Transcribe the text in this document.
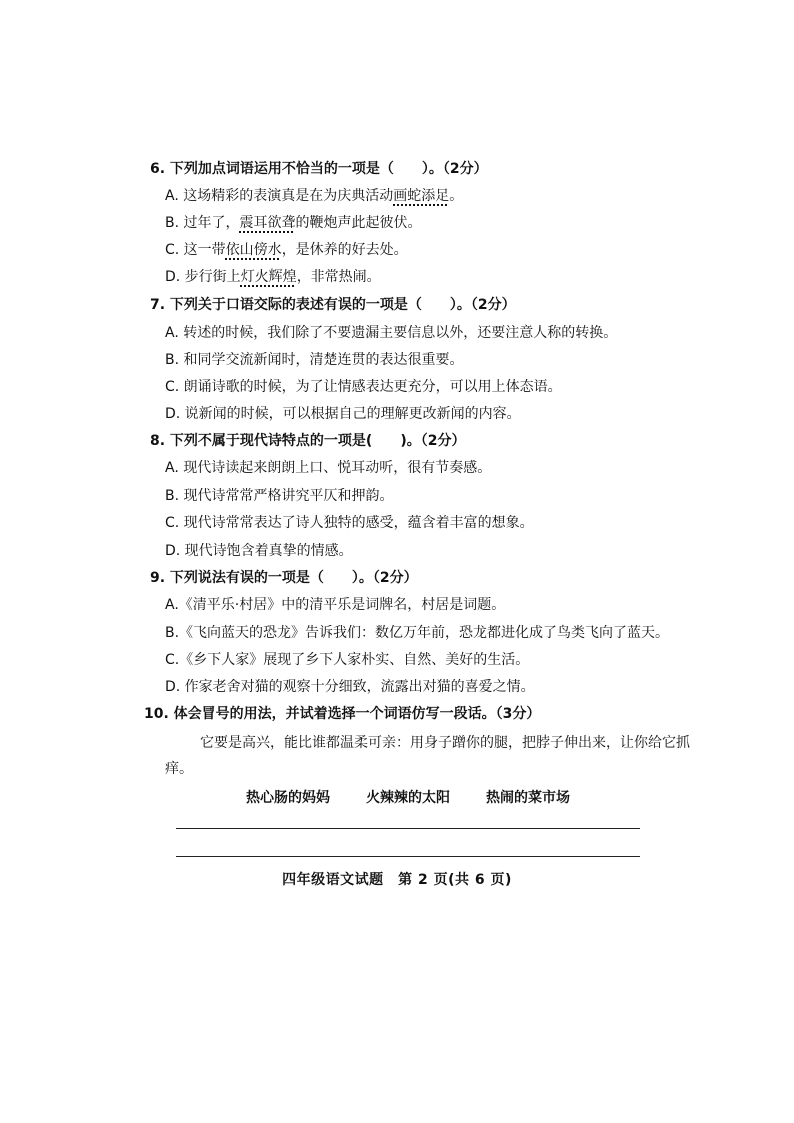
6. 下列加点词语运用不恰当的一项是（　　）。（2分）

A. 这场精彩的表演真是在为庆典活动画蛇添足。

B. 过年了，震耳欲聋的鞭炮声此起彼伏。

C. 这一带依山傍水，是休养的好去处。

D. 步行街上灯火辉煌，非常热闹。

7. 下列关于口语交际的表述有误的一项是（　　）。（2分）

A. 转述的时候，我们除了不要遗漏主要信息以外，还要注意人称的转换。

B. 和同学交流新闻时，清楚连贯的表达很重要。

C. 朗诵诗歌的时候，为了让情感表达更充分，可以用上体态语。

D. 说新闻的时候，可以根据自己的理解更改新闻的内容。

8. 下列不属于现代诗特点的一项是(　　)。（2分）

A. 现代诗读起来朗朗上口、悦耳动听，很有节奏感。

B. 现代诗常常严格讲究平仄和押韵。

C. 现代诗常常表达了诗人独特的感受，蕴含着丰富的想象。

D. 现代诗饱含着真挚的情感。

9. 下列说法有误的一项是（　　）。（2分）

A.《清平乐·村居》中的清平乐是词牌名，村居是词题。

B.《飞向蓝天的恐龙》告诉我们：数亿万年前，恐龙都进化成了鸟类飞向了蓝天。

C.《乡下人家》展现了乡下人家朴实、自然、美好的生活。

D. 作家老舍对猫的观察十分细致，流露出对猫的喜爱之情。

10. 体会冒号的用法，并试着选择一个词语仿写一段话。（3分）

它要是高兴，能比谁都温柔可亲：用身子蹭你的腿，把脖子伸出来，让你给它抓

痒。

热心肠的妈妈	火辣辣的太阳	热闹的菜市场

四年级语文试题　第 2 页(共 6 页)
